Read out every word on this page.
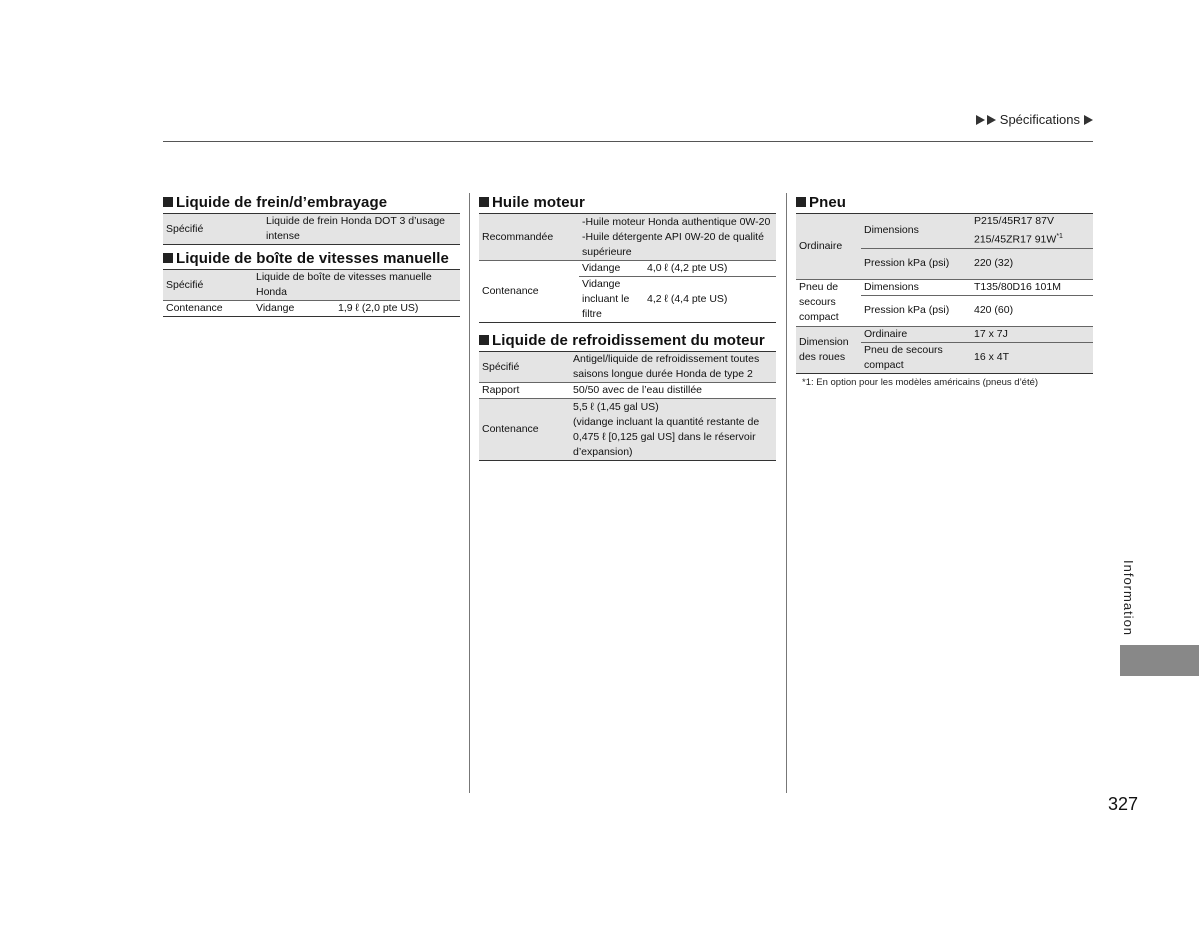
Spécifications
Liquide de frein/d’embrayage
Spécifié	Liquide de frein Honda DOT 3 d’usage intense
Liquide de boîte de vitesses manuelle
Spécifié	Liquide de boîte de vitesses manuelle Honda	
Contenance	Vidange	1,9 ℓ (2,0 pte US)
Huile moteur
Recommandée	-Huile moteur Honda authentique 0W-20
-Huile détergente API 0W-20 de qualité supérieure	

Contenance	Vidange	4,0 ℓ (4,2 pte US)
	Vidange incluant le filtre	4,2 ℓ (4,4 pte US)
Liquide de refroidissement du moteur
Spécifié	Antigel/liquide de refroidissement toutes saisons longue durée Honda de type 2
Rapport	50/50 avec de l’eau distillée
Contenance	5,5 ℓ (1,45 gal US)
(vidange incluant la quantité restante de 0,475 ℓ [0,125 gal US] dans le réservoir d’expansion)
Pneu
Ordinaire	Dimensions	P215/45R17 87V
215/45ZR17 $91W^{*1}$

	Pression kPa (psi)	220 (32)
Pneu de secours compact	Dimensions	T135/80D16 101M
	Pression kPa (psi)	420 (60)
Dimension des roues	Ordinaire	17 x 7J
	Pneu de secours compact	16 x 4T
*1: En option pour les modèles américains (pneus d’été)
Information
327
